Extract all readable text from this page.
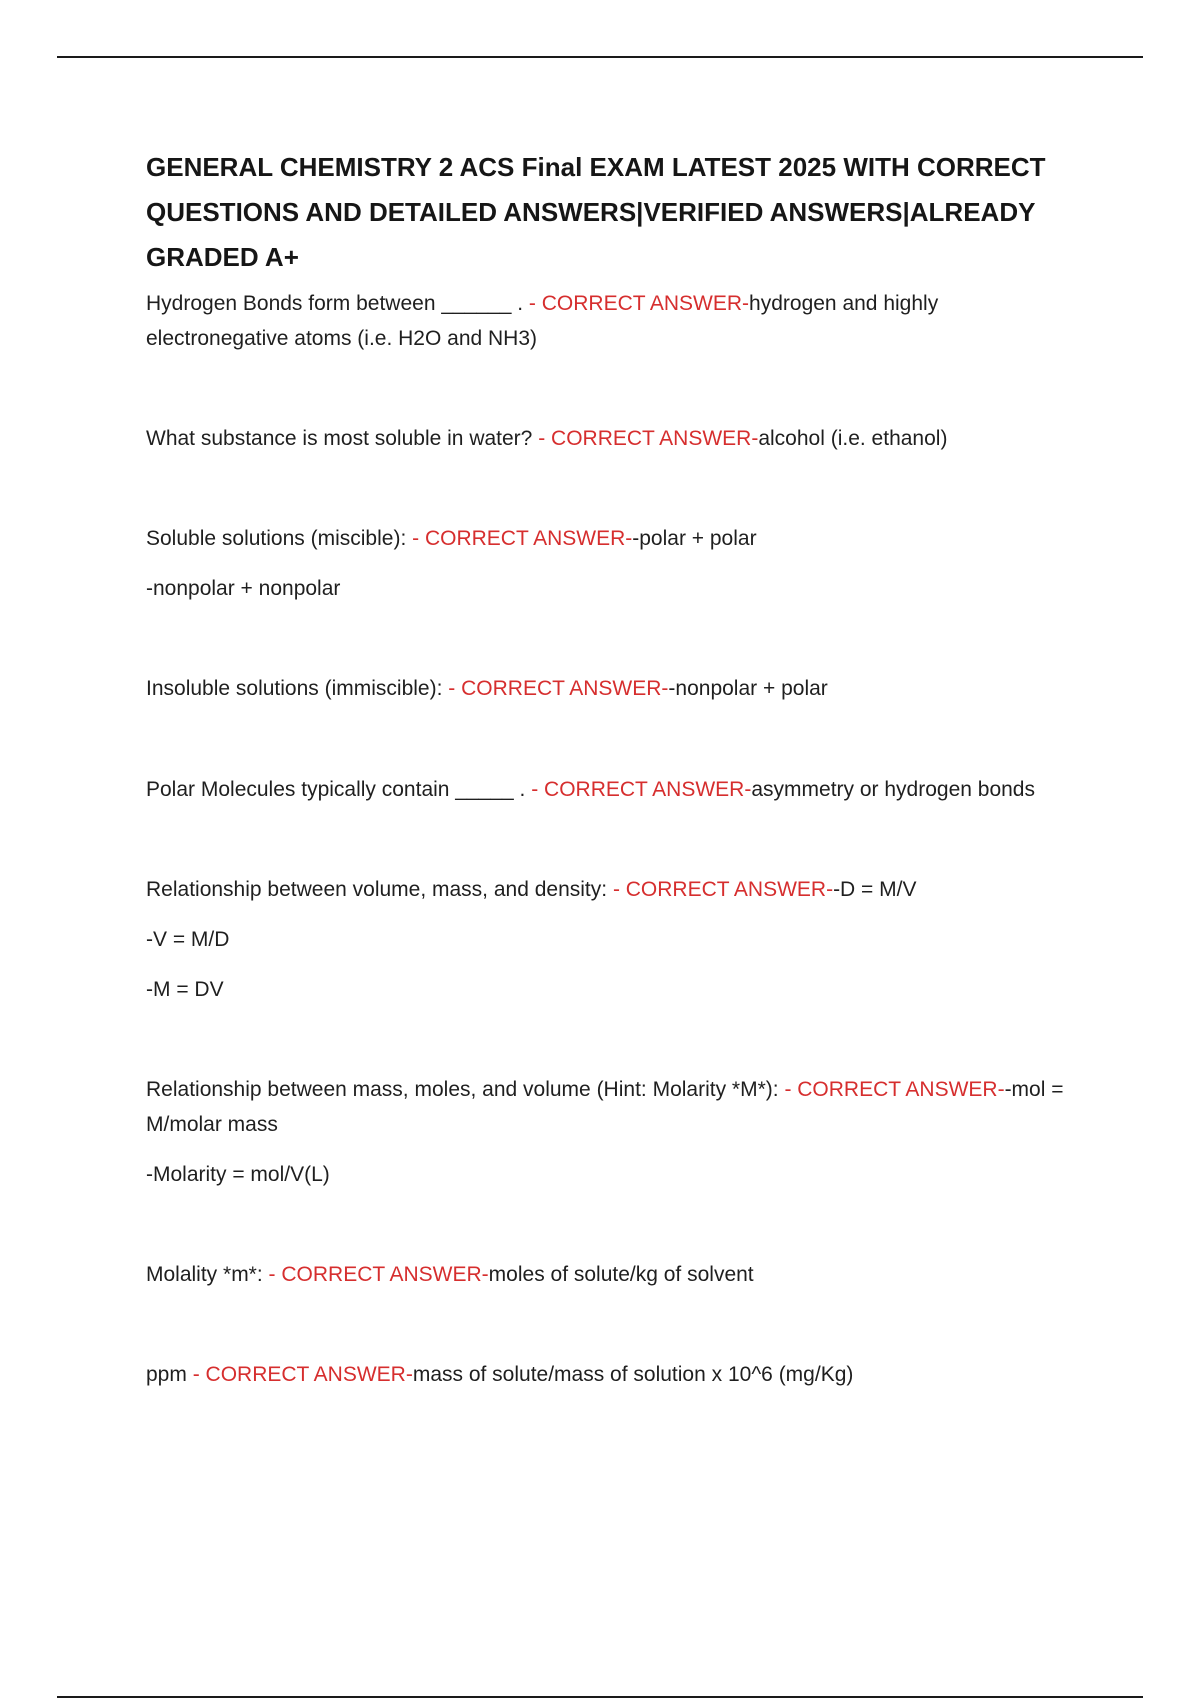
GENERAL CHEMISTRY 2 ACS Final EXAM LATEST 2025 WITH CORRECT QUESTIONS AND DETAILED ANSWERS|VERIFIED ANSWERS|ALREADY GRADED A+

Hydrogen Bonds form between ______ . - CORRECT ANSWER-hydrogen and highly electronegative atoms (i.e. H2O and NH3)

What substance is most soluble in water? - CORRECT ANSWER-alcohol (i.e. ethanol)

Soluble solutions (miscible): - CORRECT ANSWER--polar + polar

-nonpolar + nonpolar

Insoluble solutions (immiscible): - CORRECT ANSWER--nonpolar + polar

Polar Molecules typically contain _____ . - CORRECT ANSWER-asymmetry or hydrogen bonds

Relationship between volume, mass, and density: - CORRECT ANSWER--D = M/V

-V = M/D

-M = DV

Relationship between mass, moles, and volume (Hint: Molarity *M*): - CORRECT ANSWER--mol = M/molar mass

-Molarity = mol/V(L)

Molality *m*: - CORRECT ANSWER-moles of solute/kg of solvent

ppm - CORRECT ANSWER-mass of solute/mass of solution x 10^6 (mg/Kg)
